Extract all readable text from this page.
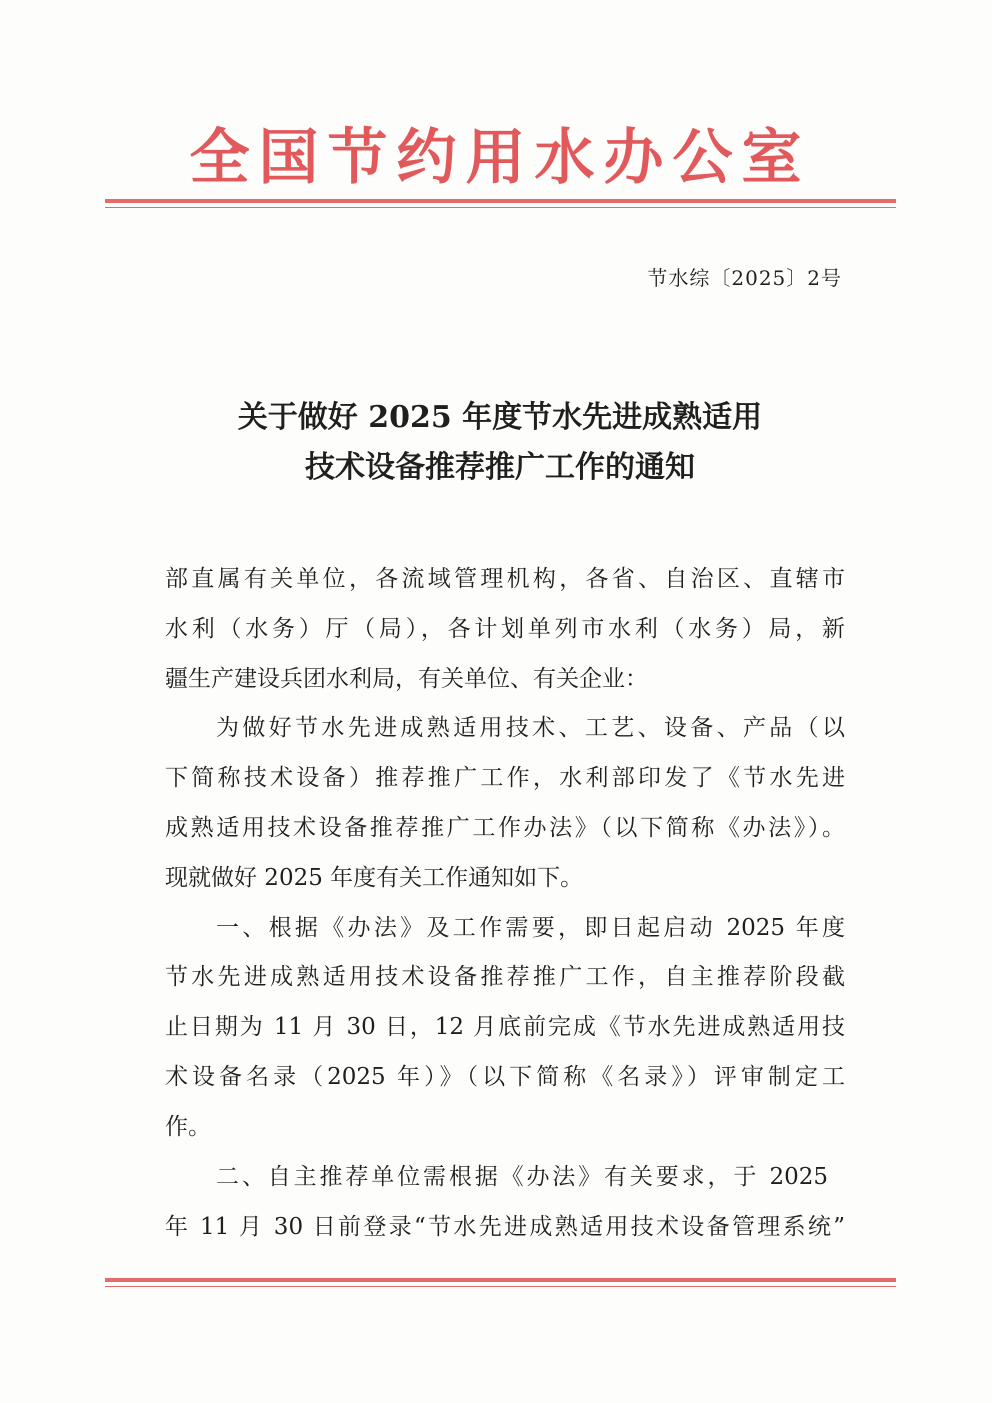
全国节约用水办公室
节水综〔2025〕2号
关于做好 2025 年度节水先进成熟适用
技术设备推荐推广工作的通知
部直属有关单位，各流域管理机构，各省、自治区、直辖市
水利（水务）厅（局），各计划单列市水利（水务）局，新
疆生产建设兵团水利局，有关单位、有关企业：
为做好节水先进成熟适用技术、工艺、设备、产品（以
下简称技术设备）推荐推广工作，水利部印发了《节水先进
成熟适用技术设备推荐推广工作办法》（以下简称《办法》）。
现就做好 2025 年度有关工作通知如下。
一、根据《办法》及工作需要，即日起启动 2025 年度
节水先进成熟适用技术设备推荐推广工作，自主推荐阶段截
止日期为 11 月 30 日，12 月底前完成《节水先进成熟适用技
术设备名录（2025 年）》（以下简称《名录》）评审制定工
作。
二、自主推荐单位需根据《办法》有关要求，于 2025
年 11 月 30 日前登录“节水先进成熟适用技术设备管理系统”
